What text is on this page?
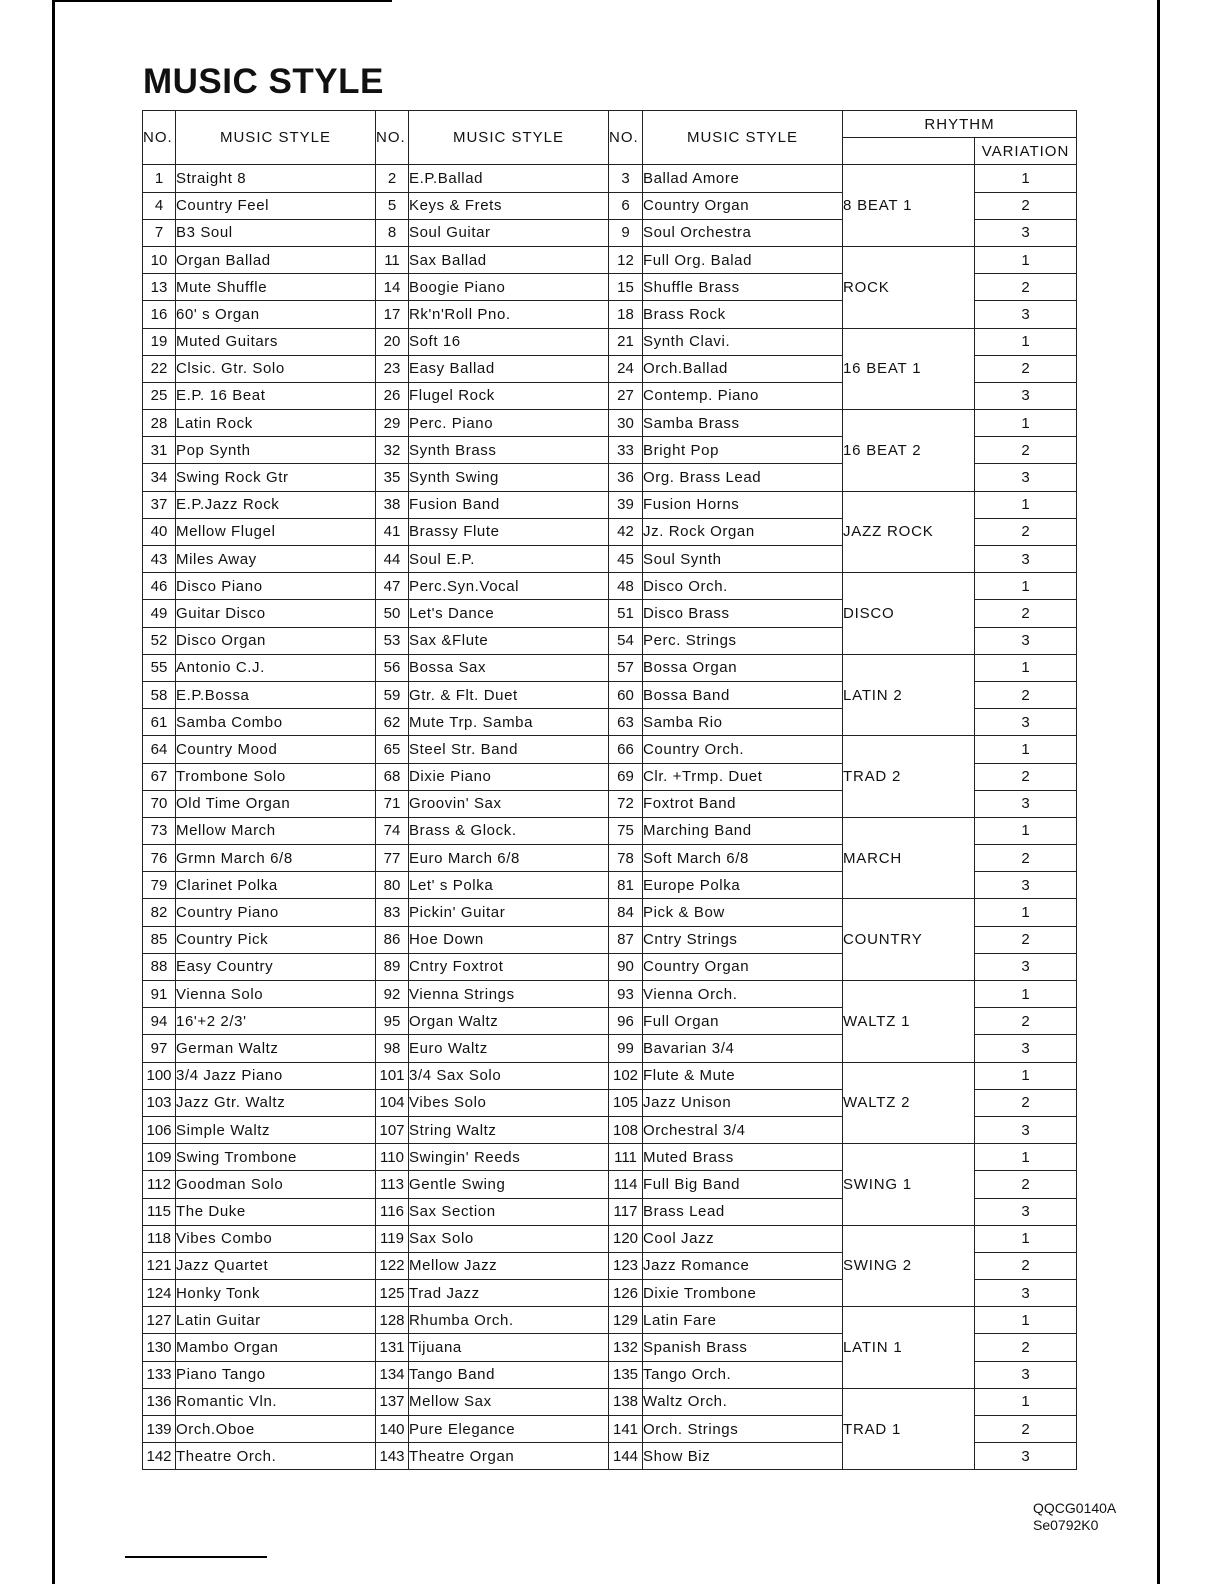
MUSIC STYLE
NO.	MUSIC STYLE	NO.	MUSIC STYLE	NO.	MUSIC STYLE	RHYTHM	
							VARIATION
1	Straight 8	2	E.P.Ballad	3	Ballad Amore	8 BEAT 1	1
4	Country Feel	5	Keys & Frets	6	Country Organ		2
7	B3 Soul	8	Soul Guitar	9	Soul Orchestra		3
10	Organ Ballad	11	Sax Ballad	12	Full Org. Balad	ROCK	1
13	Mute Shuffle	14	Boogie Piano	15	Shuffle Brass		2
16	60' s Organ	17	Rk'n'Roll Pno.	18	Brass Rock		3
19	Muted Guitars	20	Soft 16	21	Synth Clavi.	16 BEAT 1	1
22	Clsic. Gtr. Solo	23	Easy Ballad	24	Orch.Ballad		2
25	E.P. 16 Beat	26	Flugel Rock	27	Contemp. Piano		3
28	Latin Rock	29	Perc. Piano	30	Samba Brass	16 BEAT 2	1
31	Pop Synth	32	Synth Brass	33	Bright Pop		2
34	Swing Rock Gtr	35	Synth Swing	36	Org. Brass Lead		3
37	E.P.Jazz Rock	38	Fusion Band	39	Fusion Horns	JAZZ ROCK	1
40	Mellow Flugel	41	Brassy Flute	42	Jz. Rock Organ		2
43	Miles Away	44	Soul E.P.	45	Soul Synth		3
46	Disco Piano	47	Perc.Syn.Vocal	48	Disco Orch.	DISCO	1
49	Guitar Disco	50	Let's Dance	51	Disco Brass		2
52	Disco Organ	53	Sax &Flute	54	Perc. Strings		3
55	Antonio C.J.	56	Bossa Sax	57	Bossa Organ	LATIN 2	1
58	E.P.Bossa	59	Gtr. & Flt. Duet	60	Bossa Band		2
61	Samba Combo	62	Mute Trp. Samba	63	Samba Rio		3
64	Country Mood	65	Steel Str. Band	66	Country Orch.	TRAD 2	1
67	Trombone Solo	68	Dixie Piano	69	Clr. +Trmp. Duet		2
70	Old Time Organ	71	Groovin' Sax	72	Foxtrot Band		3
73	Mellow March	74	Brass & Glock.	75	Marching Band	MARCH	1
76	Grmn March 6/8	77	Euro March 6/8	78	Soft March 6/8		2
79	Clarinet Polka	80	Let' s Polka	81	Europe Polka		3
82	Country Piano	83	Pickin' Guitar	84	Pick & Bow	COUNTRY	1
85	Country Pick	86	Hoe Down	87	Cntry Strings		2
88	Easy Country	89	Cntry Foxtrot	90	Country Organ		3
91	Vienna Solo	92	Vienna Strings	93	Vienna Orch.	WALTZ 1	1
94	16'+2 2/3'	95	Organ Waltz	96	Full Organ		2
97	German Waltz	98	Euro Waltz	99	Bavarian 3/4		3
100	3/4 Jazz Piano	101	3/4 Sax Solo	102	Flute & Mute	WALTZ 2	1
103	Jazz Gtr. Waltz	104	Vibes Solo	105	Jazz Unison		2
106	Simple Waltz	107	String Waltz	108	Orchestral 3/4		3
109	Swing Trombone	110	Swingin' Reeds	111	Muted Brass	SWING 1	1
112	Goodman Solo	113	Gentle Swing	114	Full Big Band		2
115	The Duke	116	Sax Section	117	Brass Lead		3
118	Vibes Combo	119	Sax Solo	120	Cool Jazz	SWING 2	1
121	Jazz Quartet	122	Mellow Jazz	123	Jazz Romance		2
124	Honky Tonk	125	Trad Jazz	126	Dixie Trombone		3
127	Latin Guitar	128	Rhumba Orch.	129	Latin Fare	LATIN 1	1
130	Mambo Organ	131	Tijuana	132	Spanish Brass		2
133	Piano Tango	134	Tango Band	135	Tango Orch.		3
136	Romantic Vln.	137	Mellow Sax	138	Waltz Orch.	TRAD 1	1
139	Orch.Oboe	140	Pure Elegance	141	Orch. Strings		2
142	Theatre Orch.	143	Theatre Organ	144	Show Biz		3
QQCG0140A
Se0792K0
